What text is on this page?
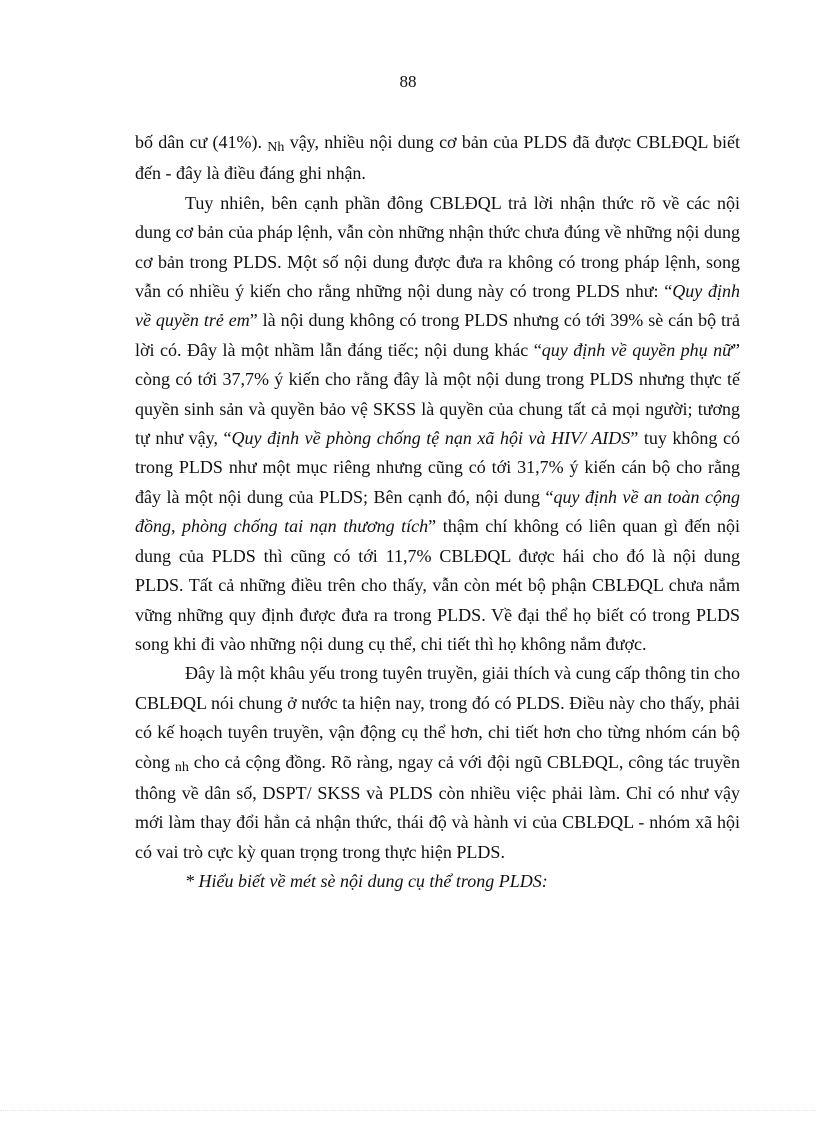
88

bố dân cư (41%). Nh vậy, nhiều nội dung cơ bản của PLDS đã được CBLĐQL biết đến - đây là điều đáng ghi nhận.

Tuy nhiên, bên cạnh phần đông CBLĐQL trả lời nhận thức rõ về các nội dung cơ bản của pháp lệnh, vẫn còn những nhận thức chưa đúng về những nội dung cơ bản trong PLDS. Một số nội dung được đưa ra không có trong pháp lệnh, song vẫn có nhiều ý kiến cho rằng những nội dung này có trong PLDS như: “Quy định về quyền trẻ em” là nội dung không có trong PLDS nhưng có tới 39% sè cán bộ trả lời có. Đây là một nhầm lẫn đáng tiếc; nội dung khác “quy định về quyền phụ nữ” còng có tới 37,7% ý kiến cho rằng đây là một nội dung trong PLDS nhưng thực tế quyền sinh sản và quyền bảo vệ SKSS là quyền của chung tất cả mọi người; tương tự như vậy, “Quy định về phòng chống tệ nạn xã hội và HIV/ AIDS” tuy không có trong PLDS như một mục riêng nhưng cũng có tới 31,7% ý kiến cán bộ cho rằng đây là một nội dung của PLDS; Bên cạnh đó, nội dung “quy định về an toàn cộng đồng, phòng chống tai nạn thương tích” thậm chí không có liên quan gì đến nội dung của PLDS thì cũng có tới 11,7% CBLĐQL được hái cho đó là nội dung PLDS. Tất cả những điều trên cho thấy, vẫn còn mét bộ phận CBLĐQL chưa nắm vững những quy định được đưa ra trong PLDS. Về đại thể họ biết có trong PLDS song khi đi vào những nội dung cụ thể, chi tiết thì họ không nắm được.

Đây là một khâu yếu trong tuyên truyền, giải thích và cung cấp thông tin cho CBLĐQL nói chung ở nước ta hiện nay, trong đó có PLDS. Điều này cho thấy, phải có kế hoạch tuyên truyền, vận động cụ thể hơn, chi tiết hơn cho từng nhóm cán bộ còng nh cho cả cộng đồng. Rõ ràng, ngay cả với đội ngũ CBLĐQL, công tác truyền thông về dân số, DSPT/ SKSS và PLDS còn nhiều việc phải làm. Chỉ có như vậy mới làm thay đổi hẳn cả nhận thức, thái độ và hành vi của CBLĐQL - nhóm xã hội có vai trò cực kỳ quan trọng trong thực hiện PLDS.

* Hiểu biết về mét sè nội dung cụ thể trong PLDS:
